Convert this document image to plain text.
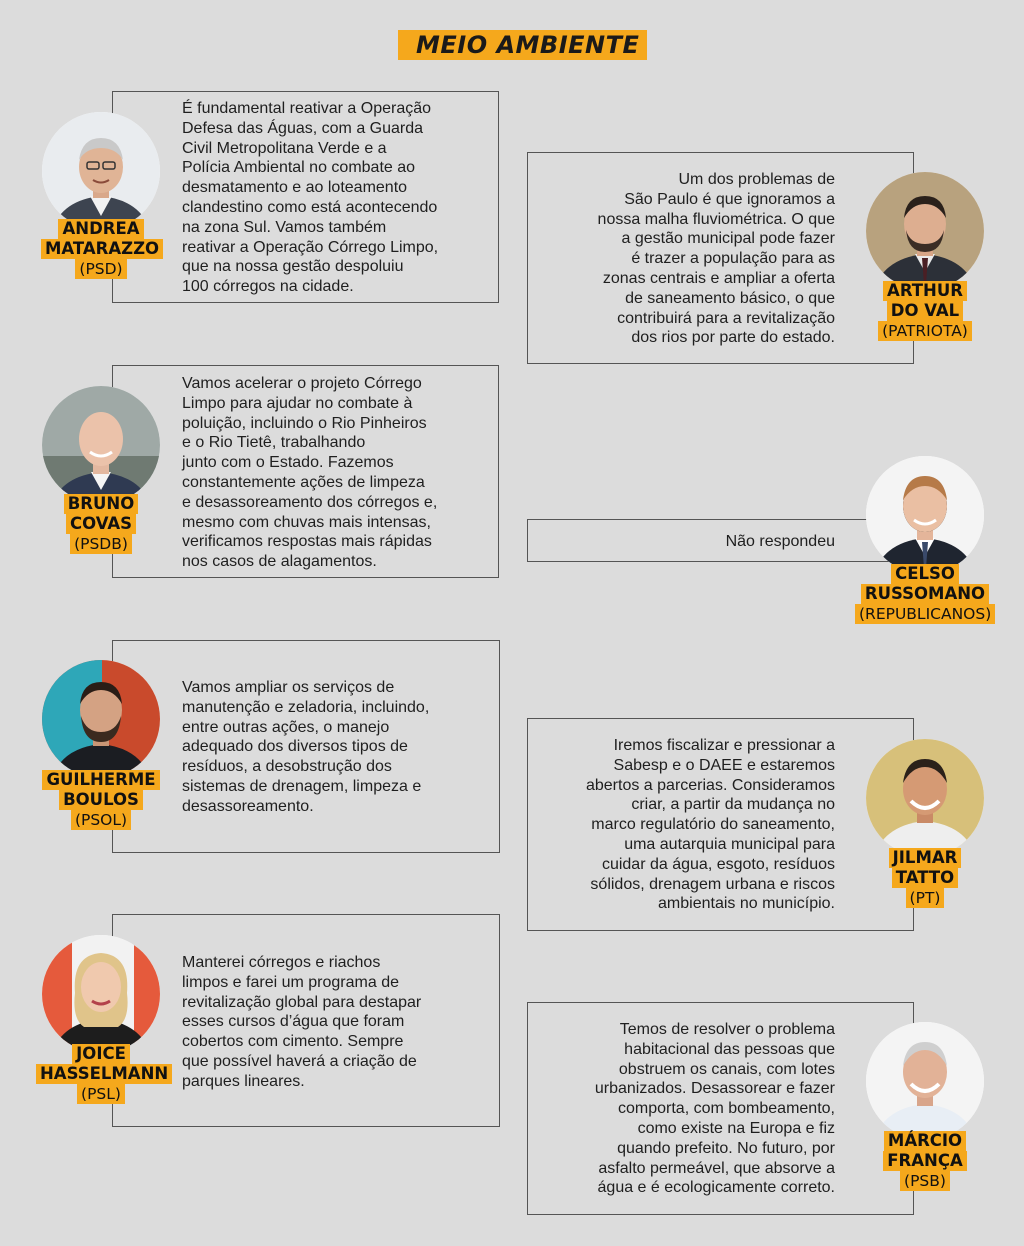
MEIO AMBIENTE
É fundamental reativar a Operação
Defesa das Águas, com a Guarda
Civil Metropolitana Verde e a
Polícia Ambiental no combate ao
desmatamento e ao loteamento
clandestino como está acontecendo
na zona Sul. Vamos também
reativar a Operação Córrego Limpo,
que na nossa gestão despoluiu
100 córregos na cidade.
ANDREA
MATARAZZO
(PSD)
Um dos problemas de
São Paulo é que ignoramos a
nossa malha fluviométrica. O que
a gestão municipal pode fazer
é trazer a população para as
zonas centrais e ampliar a oferta
de saneamento básico, o que
contribuirá para a revitalização
dos rios por parte do estado.
ARTHUR
DO VAL
(PATRIOTA)
Vamos acelerar o projeto Córrego
Limpo para ajudar no combate à
poluição, incluindo o Rio Pinheiros
e o Rio Tietê, trabalhando
junto com o Estado. Fazemos
constantemente ações de limpeza
e desassoreamento dos córregos e,
mesmo com chuvas mais intensas,
verificamos respostas mais rápidas
nos casos de alagamentos.
BRUNO
COVAS
(PSDB)	Não respondeu
CELSO
RUSSOMANO
(REPUBLICANOS)
Vamos ampliar os serviços de
manutenção e zeladoria, incluindo,
entre outras ações, o manejo
adequado dos diversos tipos de
resíduos, a desobstrução dos
sistemas de drenagem, limpeza e
desassoreamento.
GUILHERME
BOULOS
(PSOL)
Iremos fiscalizar e pressionar a
Sabesp e o DAEE e estaremos
abertos a parcerias. Consideramos
criar, a partir da mudança no
marco regulatório do saneamento,
uma autarquia municipal para
cuidar da água, esgoto, resíduos
sólidos, drenagem urbana e riscos
ambientais no município.
JILMAR
TATTO
(PT)
Manterei córregos e riachos
limpos e farei um programa de
revitalização global para destapar
esses cursos d’água que foram
cobertos com cimento. Sempre
que possível haverá a criação de
parques lineares.
JOICE
HASSELMANN
(PSL)
Temos de resolver o problema
habitacional das pessoas que
obstruem os canais, com lotes
urbanizados. Desassorear e fazer
comporta, com bombeamento,
como existe na Europa e fiz
quando prefeito. No futuro, por
asfalto permeável, que absorve a
água e é ecologicamente correto.
MÁRCIO
FRANÇA
(PSB)
